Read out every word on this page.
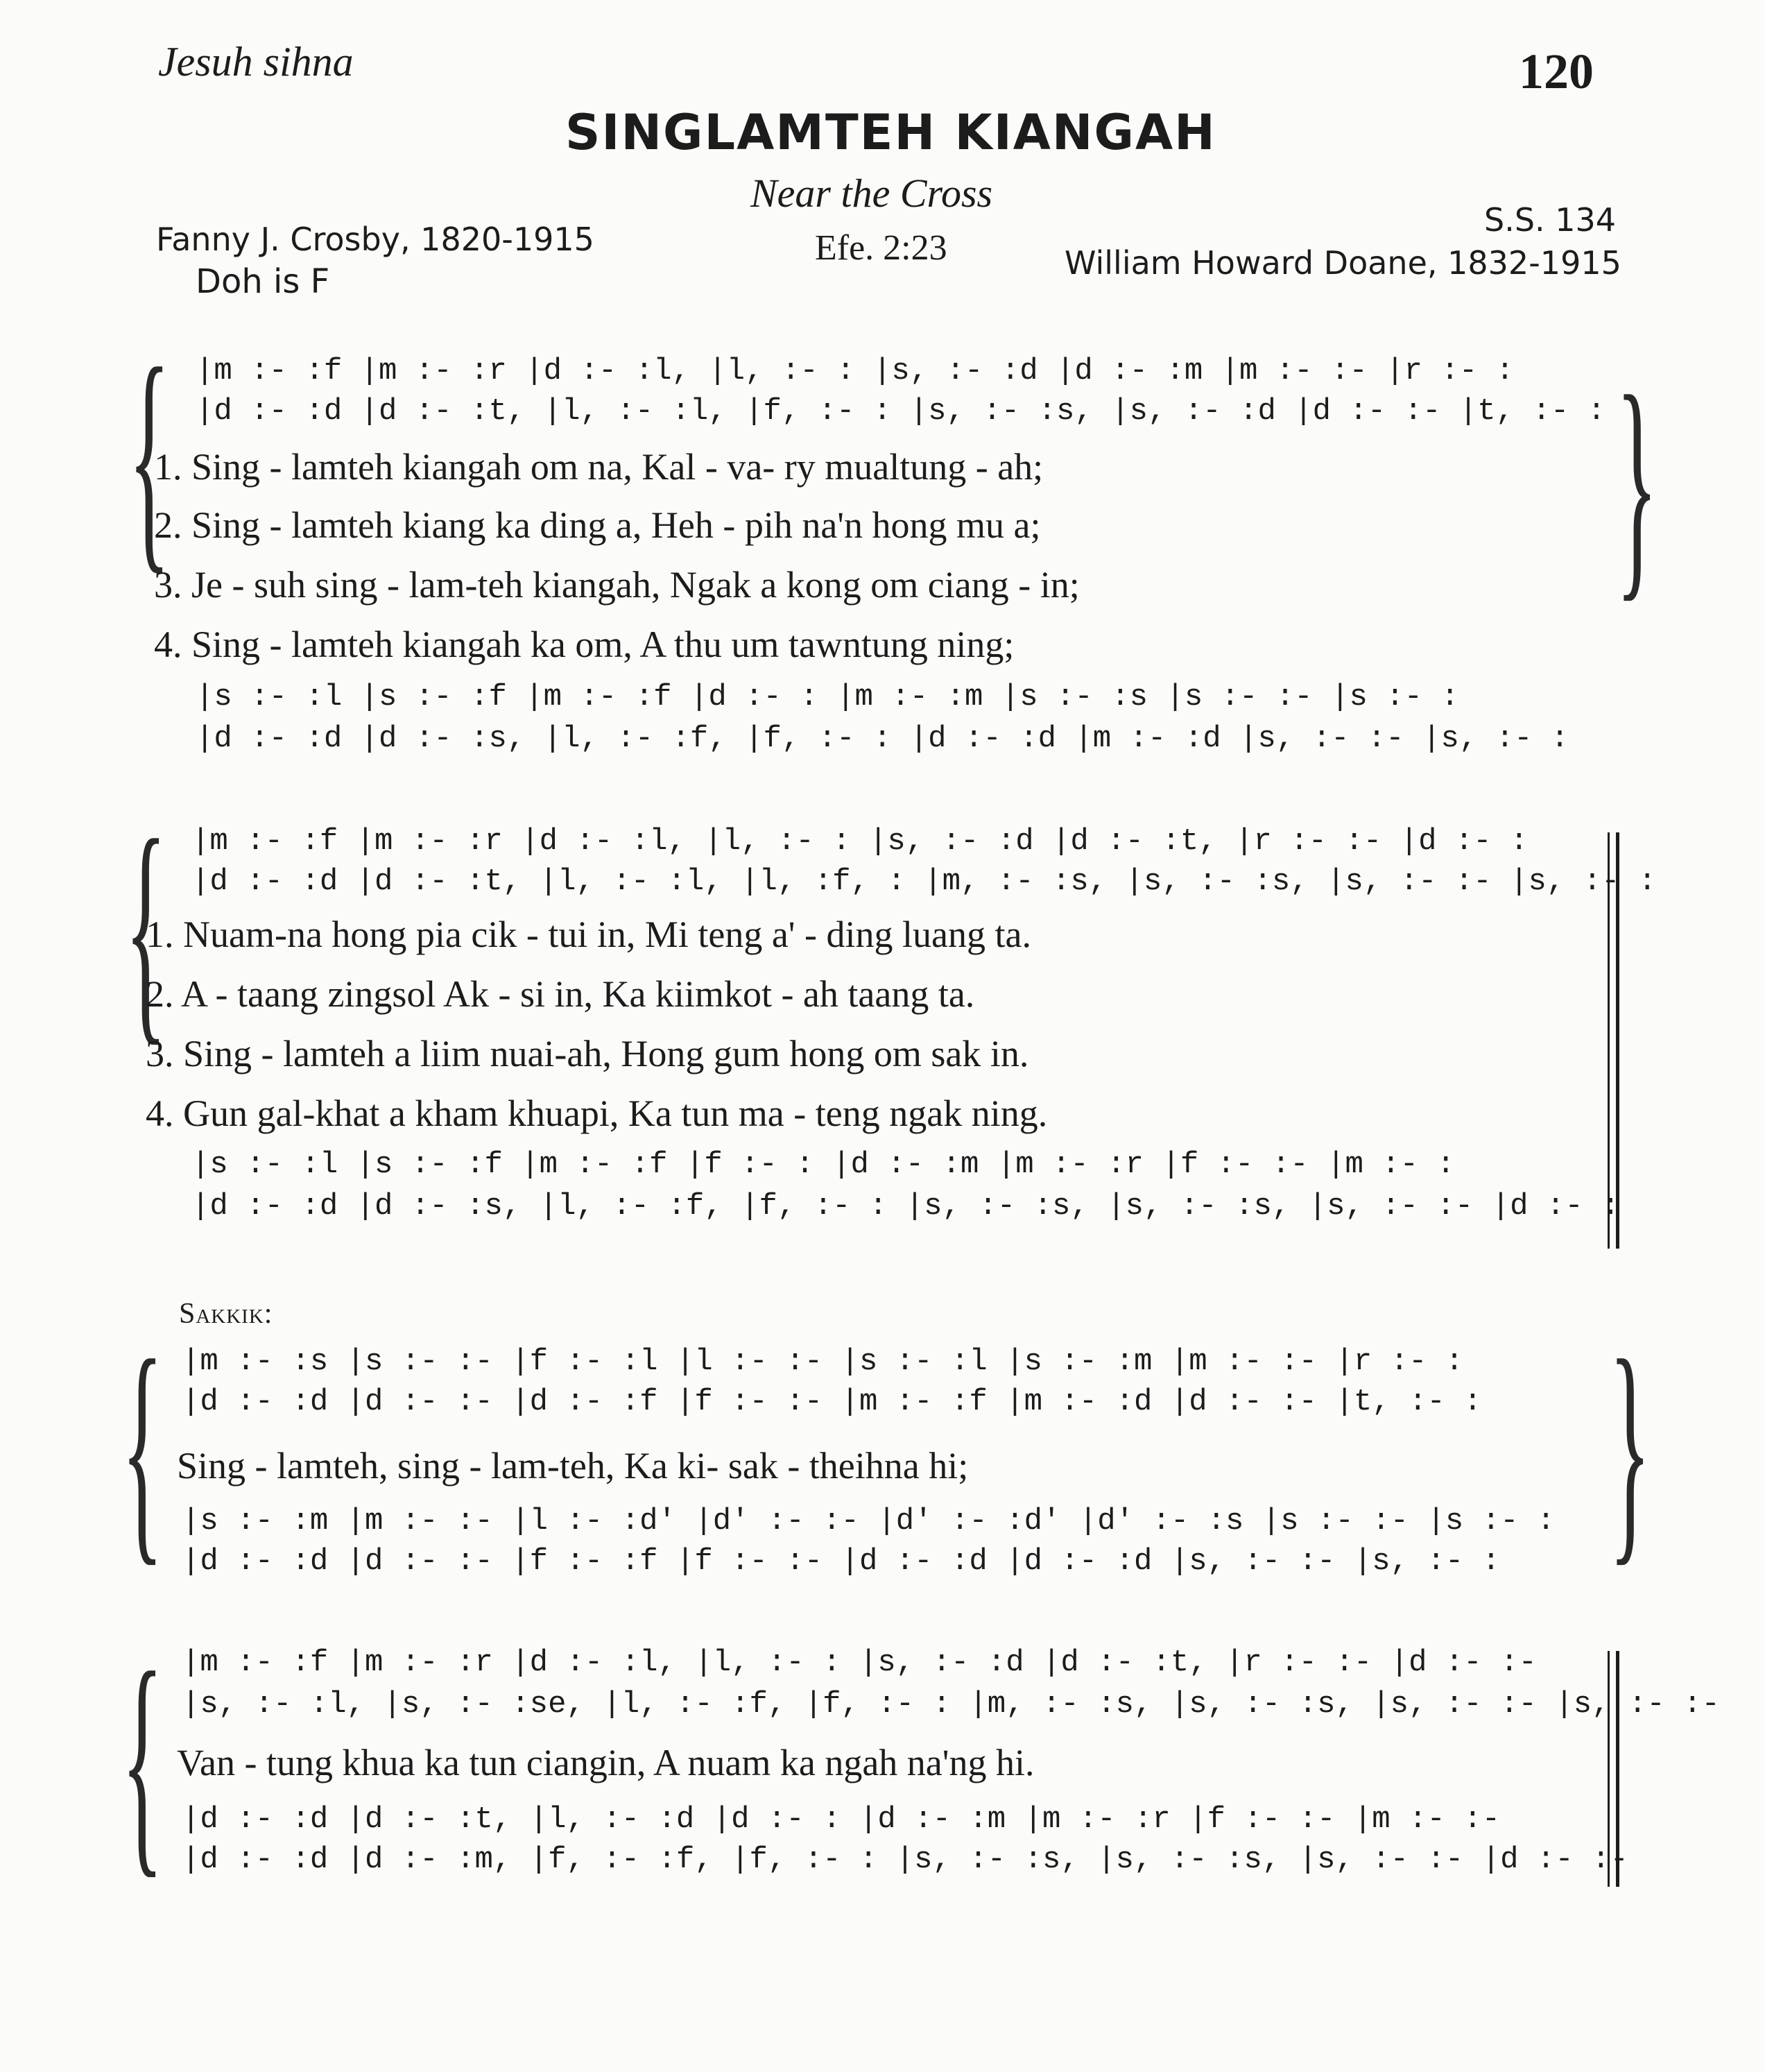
Jesuh sihna	120
SINGLAMTEH KIANGAH
Near the Cross
Fanny J. Crosby, 1820-1915	Efe. 2:23
S.S. 134
William Howard Doane, 1832-1915
Doh is F
{	}
|m :- :f |m :- :r |d :- :l, |l, :- : |s, :- :d |d :- :m |m :- :- |r :- :
|d :- :d |d :- :t, |l, :- :l, |f, :- : |s, :- :s, |s, :- :d |d :- :- |t, :- :
1. Sing - lamteh kiangah om na, Kal - va- ry mualtung - ah;
2. Sing - lamteh kiang ka ding a, Heh - pih na'n hong mu a;
3. Je - suh sing - lam-teh kiangah, Ngak a kong om ciang - in;
4. Sing - lamteh kiangah ka om, A thu um tawntung ning;
|s :- :l |s :- :f |m :- :f |d :- : |m :- :m |s :- :s |s :- :- |s :- :
|d :- :d |d :- :s, |l, :- :f, |f, :- : |d :- :d |m :- :d |s, :- :- |s, :- :
{ |m :- :f |m :- :r |d :- :l, |l, :- : |s, :- :d |d :- :t, |r :- :- |d :- :
|d :- :d |d :- :t, |l, :- :l, |l, :f, : |m, :- :s, |s, :- :s, |s, :- :- |s, :- :
1. Nuam-na hong pia cik - tui in, Mi teng a' - ding luang ta.
2. A - taang zingsol Ak - si in, Ka kiimkot - ah taang ta.
3. Sing - lamteh a liim nuai-ah, Hong gum hong om sak in.
4. Gun gal-khat a kham khuapi, Ka tun ma - teng ngak ning.
|s :- :l |s :- :f |m :- :f |f :- : |d :- :m |m :- :r |f :- :- |m :- :
|d :- :d |d :- :s, |l, :- :f, |f, :- : |s, :- :s, |s, :- :s, |s, :- :- |d :- :
Sakkik:
{	}
|m :- :s |s :- :- |f :- :l |l :- :- |s :- :l |s :- :m |m :- :- |r :- :
|d :- :d |d :- :- |d :- :f |f :- :- |m :- :f |m :- :d |d :- :- |t, :- :
Sing - lamteh, sing - lam-teh, Ka ki- sak - theihna hi;
|s :- :m |m :- :- |l :- :d' |d' :- :- |d' :- :d' |d' :- :s |s :- :- |s :- :
|d :- :d |d :- :- |f :- :f |f :- :- |d :- :d |d :- :d |s, :- :- |s, :- :
{ |m :- :f |m :- :r |d :- :l, |l, :- : |s, :- :d |d :- :t, |r :- :- |d :- :-
|s, :- :l, |s, :- :se, |l, :- :f, |f, :- : |m, :- :s, |s, :- :s, |s, :- :- |s, :- :-
Van - tung khua ka tun ciangin, A nuam ka ngah na'ng hi.
|d :- :d |d :- :t, |l, :- :d |d :- : |d :- :m |m :- :r |f :- :- |m :- :-
|d :- :d |d :- :m, |f, :- :f, |f, :- : |s, :- :s, |s, :- :s, |s, :- :- |d :- :-
